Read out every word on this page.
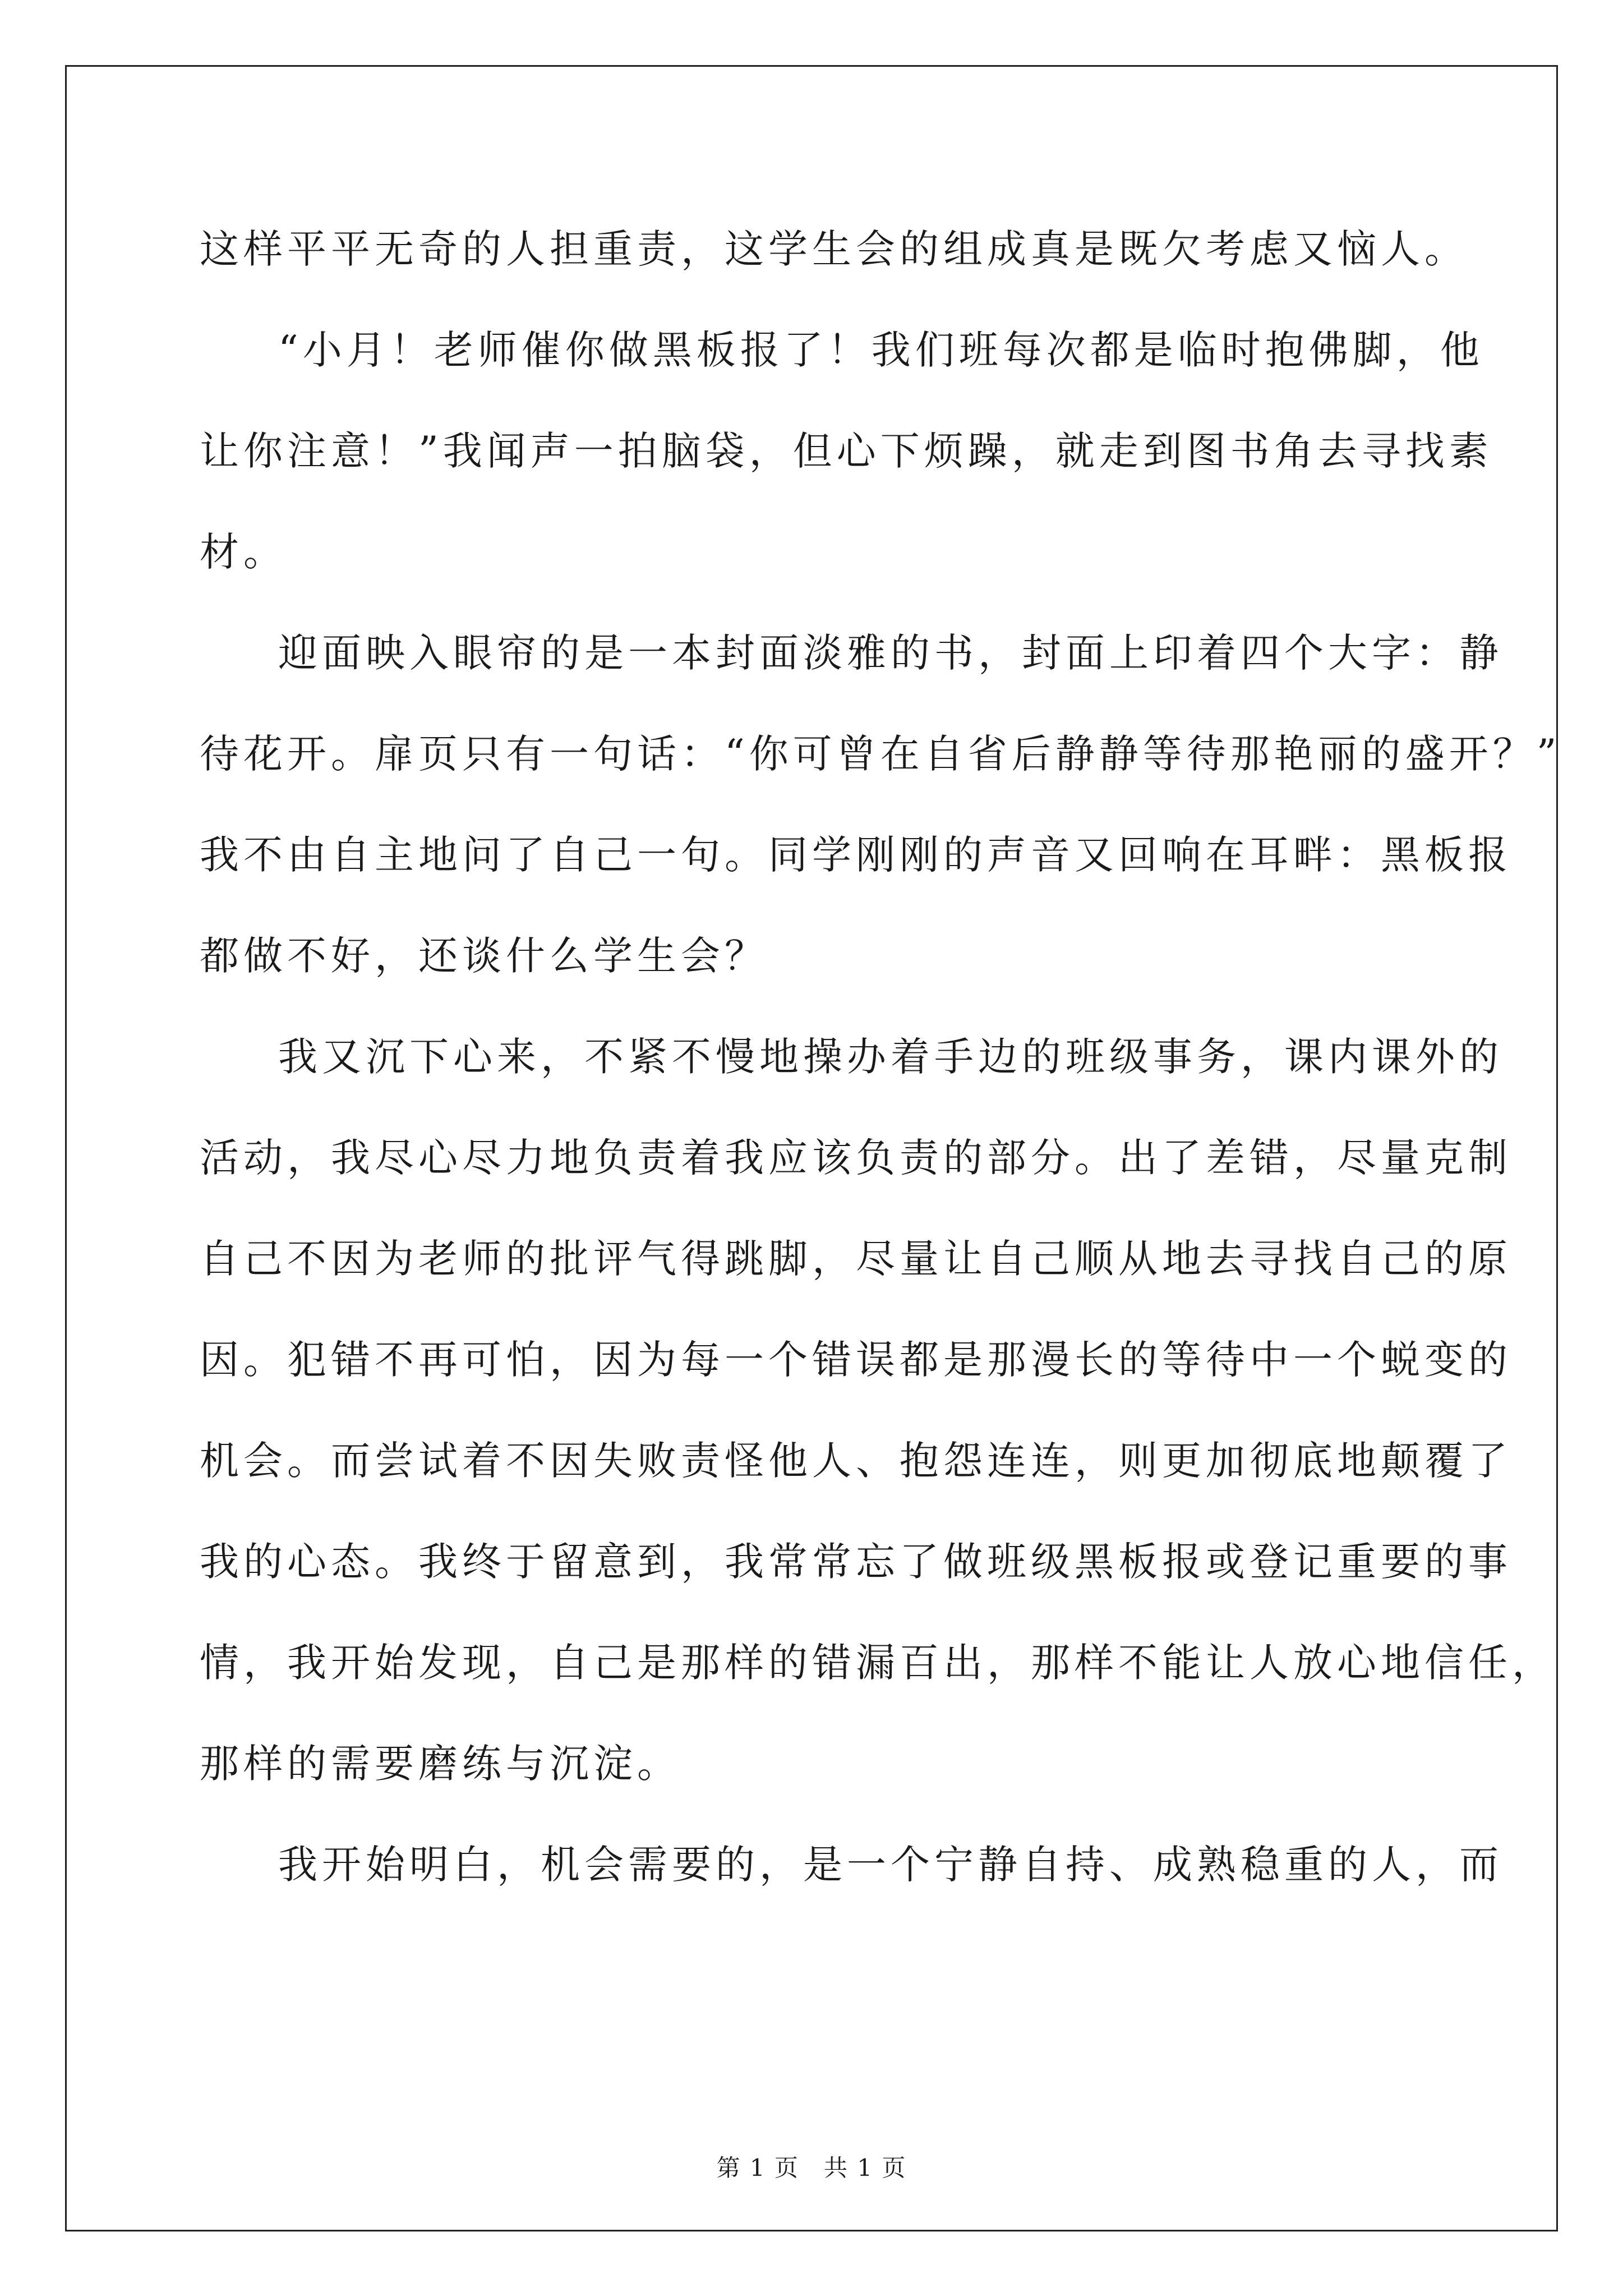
这样平平无奇的人担重责，这学生会的组成真是既欠考虑又恼人。
“小月！老师催你做黑板报了！我们班每次都是临时抱佛脚，他
让你注意！”我闻声一拍脑袋，但心下烦躁，就走到图书角去寻找素
材。
迎面映入眼帘的是一本封面淡雅的书，封面上印着四个大字：静
待花开。扉页只有一句话：“你可曾在自省后静静等待那艳丽的盛开？”
我不由自主地问了自己一句。同学刚刚的声音又回响在耳畔：黑板报
都做不好，还谈什么学生会？
我又沉下心来，不紧不慢地操办着手边的班级事务，课内课外的
活动，我尽心尽力地负责着我应该负责的部分。出了差错，尽量克制
自己不因为老师的批评气得跳脚，尽量让自己顺从地去寻找自己的原
因。犯错不再可怕，因为每一个错误都是那漫长的等待中一个蜕变的
机会。而尝试着不因失败责怪他人、抱怨连连，则更加彻底地颠覆了
我的心态。我终于留意到，我常常忘了做班级黑板报或登记重要的事
情，我开始发现，自己是那样的错漏百出，那样不能让人放心地信任，
那样的需要磨练与沉淀。
我开始明白，机会需要的，是一个宁静自持、成熟稳重的人，而
第 1 页　共 1 页
